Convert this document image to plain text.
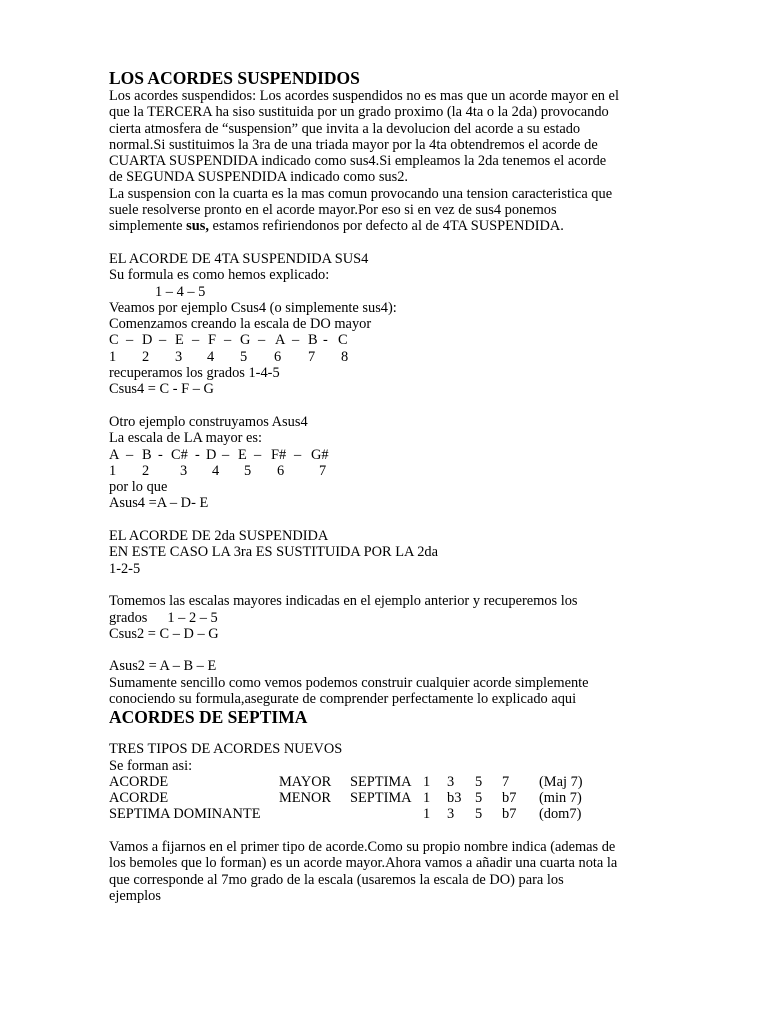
LOS ACORDES SUSPENDIDOS
Los acordes suspendidos: Los acordes suspendidos no es mas que un acorde mayor en el
que la TERCERA ha siso sustituida por un grado proximo (la 4ta o la 2da) provocando
cierta atmosfera de “suspension” que invita a la devolucion del acorde a su estado
normal.Si sustituimos la 3ra de una triada mayor por la 4ta obtendremos el acorde de
CUARTA SUSPENDIDA indicado como sus4.Si empleamos la 2da tenemos el acorde
de SEGUNDA SUSPENDIDA indicado como sus2.
La suspension con la cuarta es la mas comun provocando una tension caracteristica que
suele resolverse pronto en el acorde mayor.Por eso si en vez de sus4 ponemos
simplemente sus, estamos refiriendonos por defecto al de 4TA SUSPENDIDA.
EL ACORDE DE 4TA SUSPENDIDA SUS4
Su formula es como hemos explicado:
1 – 4 – 5
Veamos por ejemplo Csus4 (o simplemente sus4):
Comenzamos creando la escala de DO mayor
C – D – E – F – G – A – B - C
1	2	3	4	5	6	7	8
recuperamos los grados 1-4-5
Csus4 = C - F – G
Otro ejemplo construyamos Asus4
La escala de LA mayor es:
A – B - C# - D – E – F# – G#
1	2	3	4	5	6	7
por lo que
Asus4 =A – D- E
EL ACORDE DE 2da SUSPENDIDA
EN ESTE CASO LA 3ra ES SUSTITUIDA POR LA 2da
1-2-5
Tomemos las escalas mayores indicadas en el ejemplo anterior y recuperemos los
grados 1 – 2 – 5
Csus2 = C – D – G
Asus2 = A – B – E
Sumamente sencillo como vemos podemos construir cualquier acorde simplemente
conociendo su formula,asegurate de comprender perfectamente lo explicado aqui
ACORDES DE SEPTIMA
TRES TIPOS DE ACORDES NUEVOS
Se forman asi:
ACORDE	MAYOR	SEPTIMA 1	3	5	7	(Maj 7)
ACORDE	MENOR	SEPTIMA 1	b3 5	b7	(min 7)
SEPTIMA DOMINANTE	1	3	5	b7	(dom7)
Vamos a fijarnos en el primer tipo de acorde.Como su propio nombre indica (ademas de
los bemoles que lo forman) es un acorde mayor.Ahora vamos a añadir una cuarta nota la
que corresponde al 7mo grado de la escala (usaremos la escala de DO) para los
ejemplos
